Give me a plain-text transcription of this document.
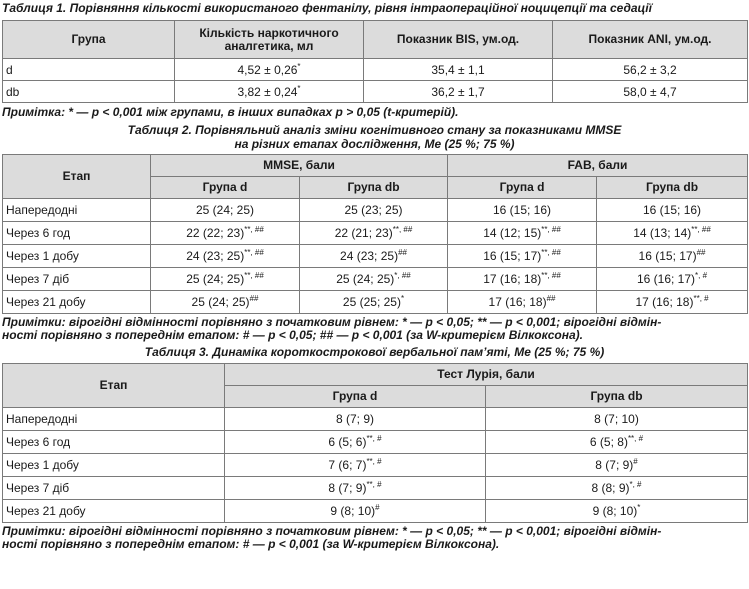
Таблиця 1. Порівняння кількості використаного фентанілу, рівня інтраопераційної ноцицепції та седації
Група	Кількість наркотичного аналгетика, мл	Показник BIS, ум.од.	Показник ANI, ум.од.
d	4,52 ± 0,26*	35,4 ± 1,1	56,2 ± 3,2
db	3,82 ± 0,24*	36,2 ± 1,7	58,0 ± 4,7
Примітка: * — p < 0,001 між групами, в інших випадках p > 0,05 (t-критерій).
Таблиця 2. Порівняльний аналіз зміни когнітивного стану за показниками MMSE
на різних етапах дослідження, Me (25 %; 75 %)
Етап	MMSE, бали		FAB, бали	
	Група d	Група db	Група d	Група db
Напередодні	25 (24; 25)	25 (23; 25)	16 (15; 16)	16 (15; 16)
Через 6 год	22 (22; 23)**, ##	22 (21; 23)**, ##	14 (12; 15)**, ##	14 (13; 14)**, ##
Через 1 добу	24 (23; 25)**, ##	24 (23; 25)##	16 (15; 17)**, ##	16 (15; 17)##
Через 7 діб	25 (24; 25)**, ##	25 (24; 25)*, ##	17 (16; 18)**, ##	16 (16; 17)*, #
Через 21 добу	25 (24; 25)##	25 (25; 25)*	17 (16; 18)##	17 (16; 18)**, #
Примітки: вірогідні відмінності порівняно з початковим рівнем: * — p < 0,05; ** — p < 0,001; вірогідні відмін-
ності порівняно з попереднім етапом: # — p < 0,05; ## — p < 0,001 (за W-критерієм Вілкоксона).
Таблиця 3. Динаміка короткострокової вербальної пам’яті, Me (25 %; 75 %)
Етап	Тест Лурія, бали	
	Група d	Група db
Напередодні	8 (7; 9)	8 (7; 10)
Через 6 год	6 (5; 6)**, #	6 (5; 8)**, #
Через 1 добу	7 (6; 7)**, #	8 (7; 9)#
Через 7 діб	8 (7; 9)**, #	8 (8; 9)*, #
Через 21 добу	9 (8; 10)#	9 (8; 10)*
Примітки: вірогідні відмінності порівняно з початковим рівнем: * — p < 0,05; ** — p < 0,001; вірогідні відмін-
ності порівняно з попереднім етапом: # — p < 0,001 (за W-критерієм Вілкоксона).
